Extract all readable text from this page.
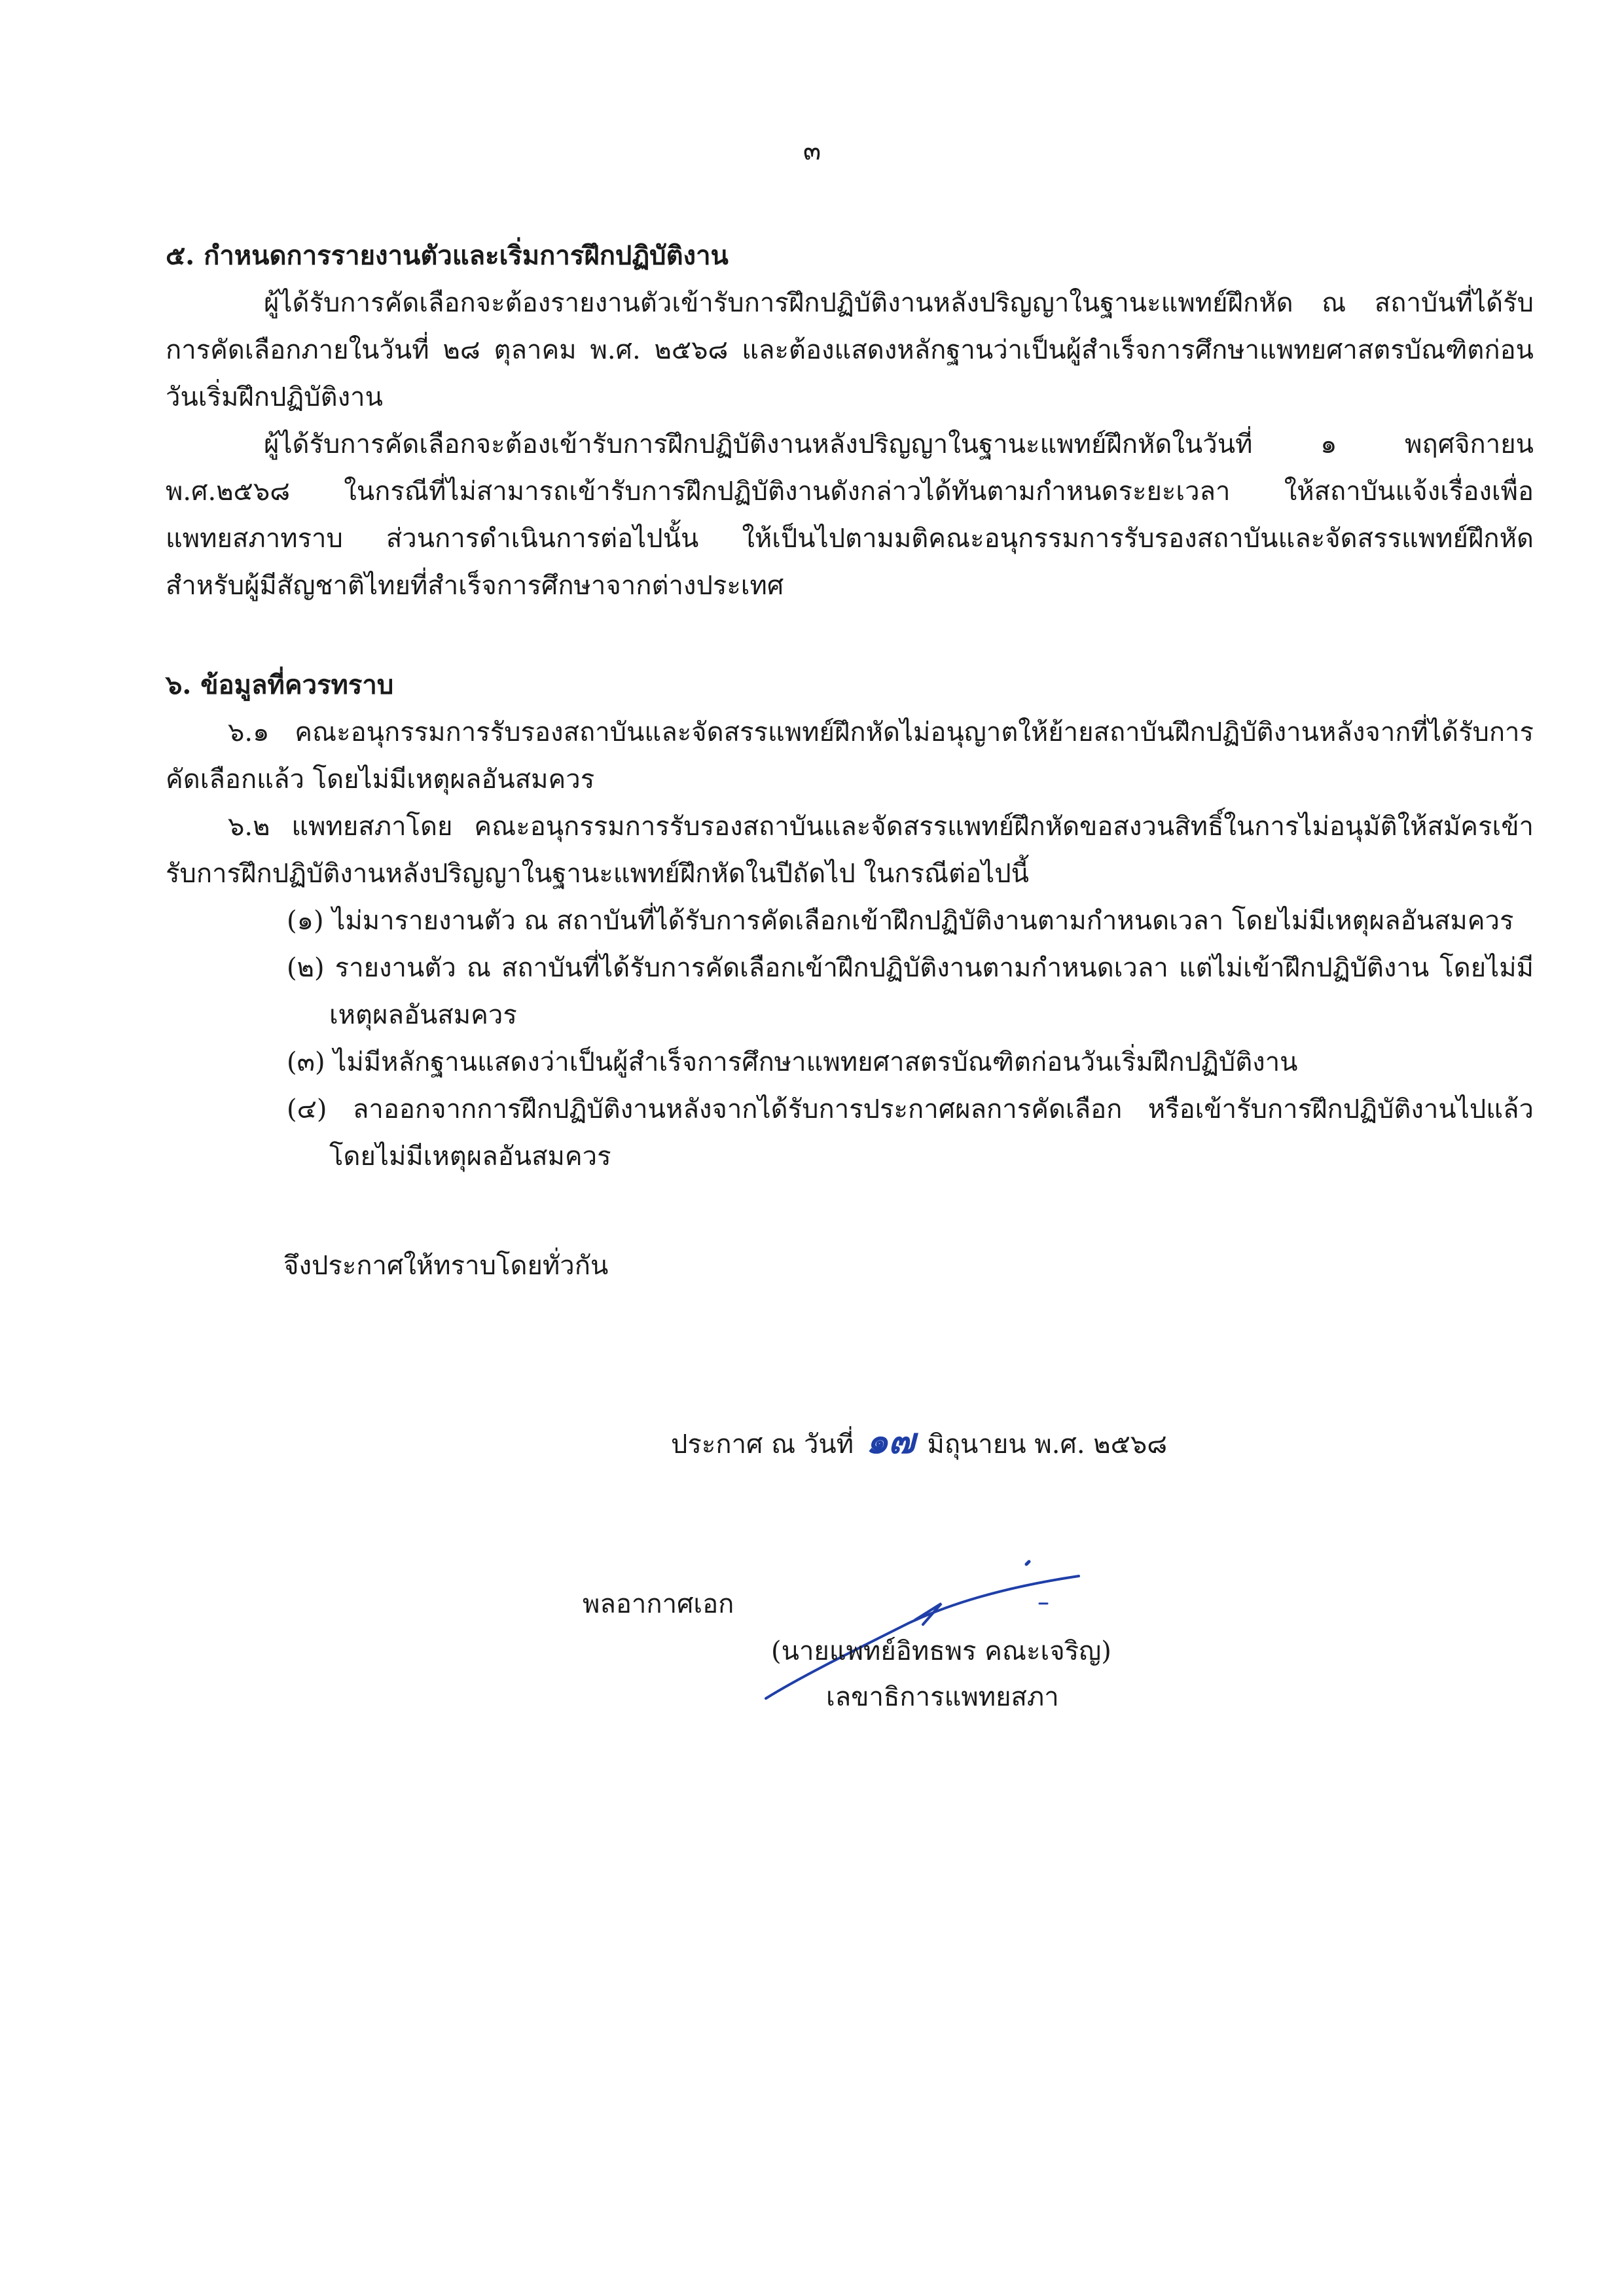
๓

๕. กำหนดการรายงานตัวและเริ่มการฝึกปฏิบัติงาน

ผู้ได้รับการคัดเลือกจะต้องรายงานตัวเข้ารับการฝึกปฏิบัติงานหลังปริญญาในฐานะแพทย์ฝึกหัด ณ สถาบันที่ได้รับการคัดเลือกภายในวันที่ ๒๘ ตุลาคม พ.ศ. ๒๕๖๘ และต้องแสดงหลักฐานว่าเป็นผู้สำเร็จการศึกษาแพทยศาสตรบัณฑิตก่อนวันเริ่มฝึกปฏิบัติงาน

ผู้ได้รับการคัดเลือกจะต้องเข้ารับการฝึกปฏิบัติงานหลังปริญญาในฐานะแพทย์ฝึกหัดในวันที่ ๑ พฤศจิกายน พ.ศ.๒๕๖๘ ในกรณีที่ไม่สามารถเข้ารับการฝึกปฏิบัติงานดังกล่าวได้ทันตามกำหนดระยะเวลา ให้สถาบันแจ้งเรื่องเพื่อแพทยสภาทราบ ส่วนการดำเนินการต่อไปนั้น ให้เป็นไปตามมติคณะอนุกรรมการรับรองสถาบันและจัดสรรแพทย์ฝึกหัด สำหรับผู้มีสัญชาติไทยที่สำเร็จการศึกษาจากต่างประเทศ

๖. ข้อมูลที่ควรทราบ

๖.๑ คณะอนุกรรมการรับรองสถาบันและจัดสรรแพทย์ฝึกหัดไม่อนุญาตให้ย้ายสถาบันฝึกปฏิบัติงานหลังจากที่ได้รับการคัดเลือกแล้ว โดยไม่มีเหตุผลอันสมควร

๖.๒ แพทยสภาโดย คณะอนุกรรมการรับรองสถาบันและจัดสรรแพทย์ฝึกหัดขอสงวนสิทธิ์ในการไม่อนุมัติให้สมัครเข้ารับการฝึกปฏิบัติงานหลังปริญญาในฐานะแพทย์ฝึกหัดในปีถัดไป ในกรณีต่อไปนี้

(๑) ไม่มารายงานตัว ณ สถาบันที่ได้รับการคัดเลือกเข้าฝึกปฏิบัติงานตามกำหนดเวลา โดยไม่มีเหตุผลอันสมควร

(๒) รายงานตัว ณ สถาบันที่ได้รับการคัดเลือกเข้าฝึกปฏิบัติงานตามกำหนดเวลา แต่ไม่เข้าฝึกปฏิบัติงาน โดยไม่มีเหตุผลอันสมควร

(๓) ไม่มีหลักฐานแสดงว่าเป็นผู้สำเร็จการศึกษาแพทยศาสตรบัณฑิตก่อนวันเริ่มฝึกปฏิบัติงาน

(๔) ลาออกจากการฝึกปฏิบัติงานหลังจากได้รับการประกาศผลการคัดเลือก หรือเข้ารับการฝึกปฏิบัติงานไปแล้ว โดยไม่มีเหตุผลอันสมควร

จึงประกาศให้ทราบโดยทั่วกัน

ประกาศ ณ วันที่ ๑๗ มิถุนายน พ.ศ. ๒๕๖๘
พลอากาศเอก
(นายแพทย์อิทธพร คณะเจริญ)
เลขาธิการแพทยสภา
